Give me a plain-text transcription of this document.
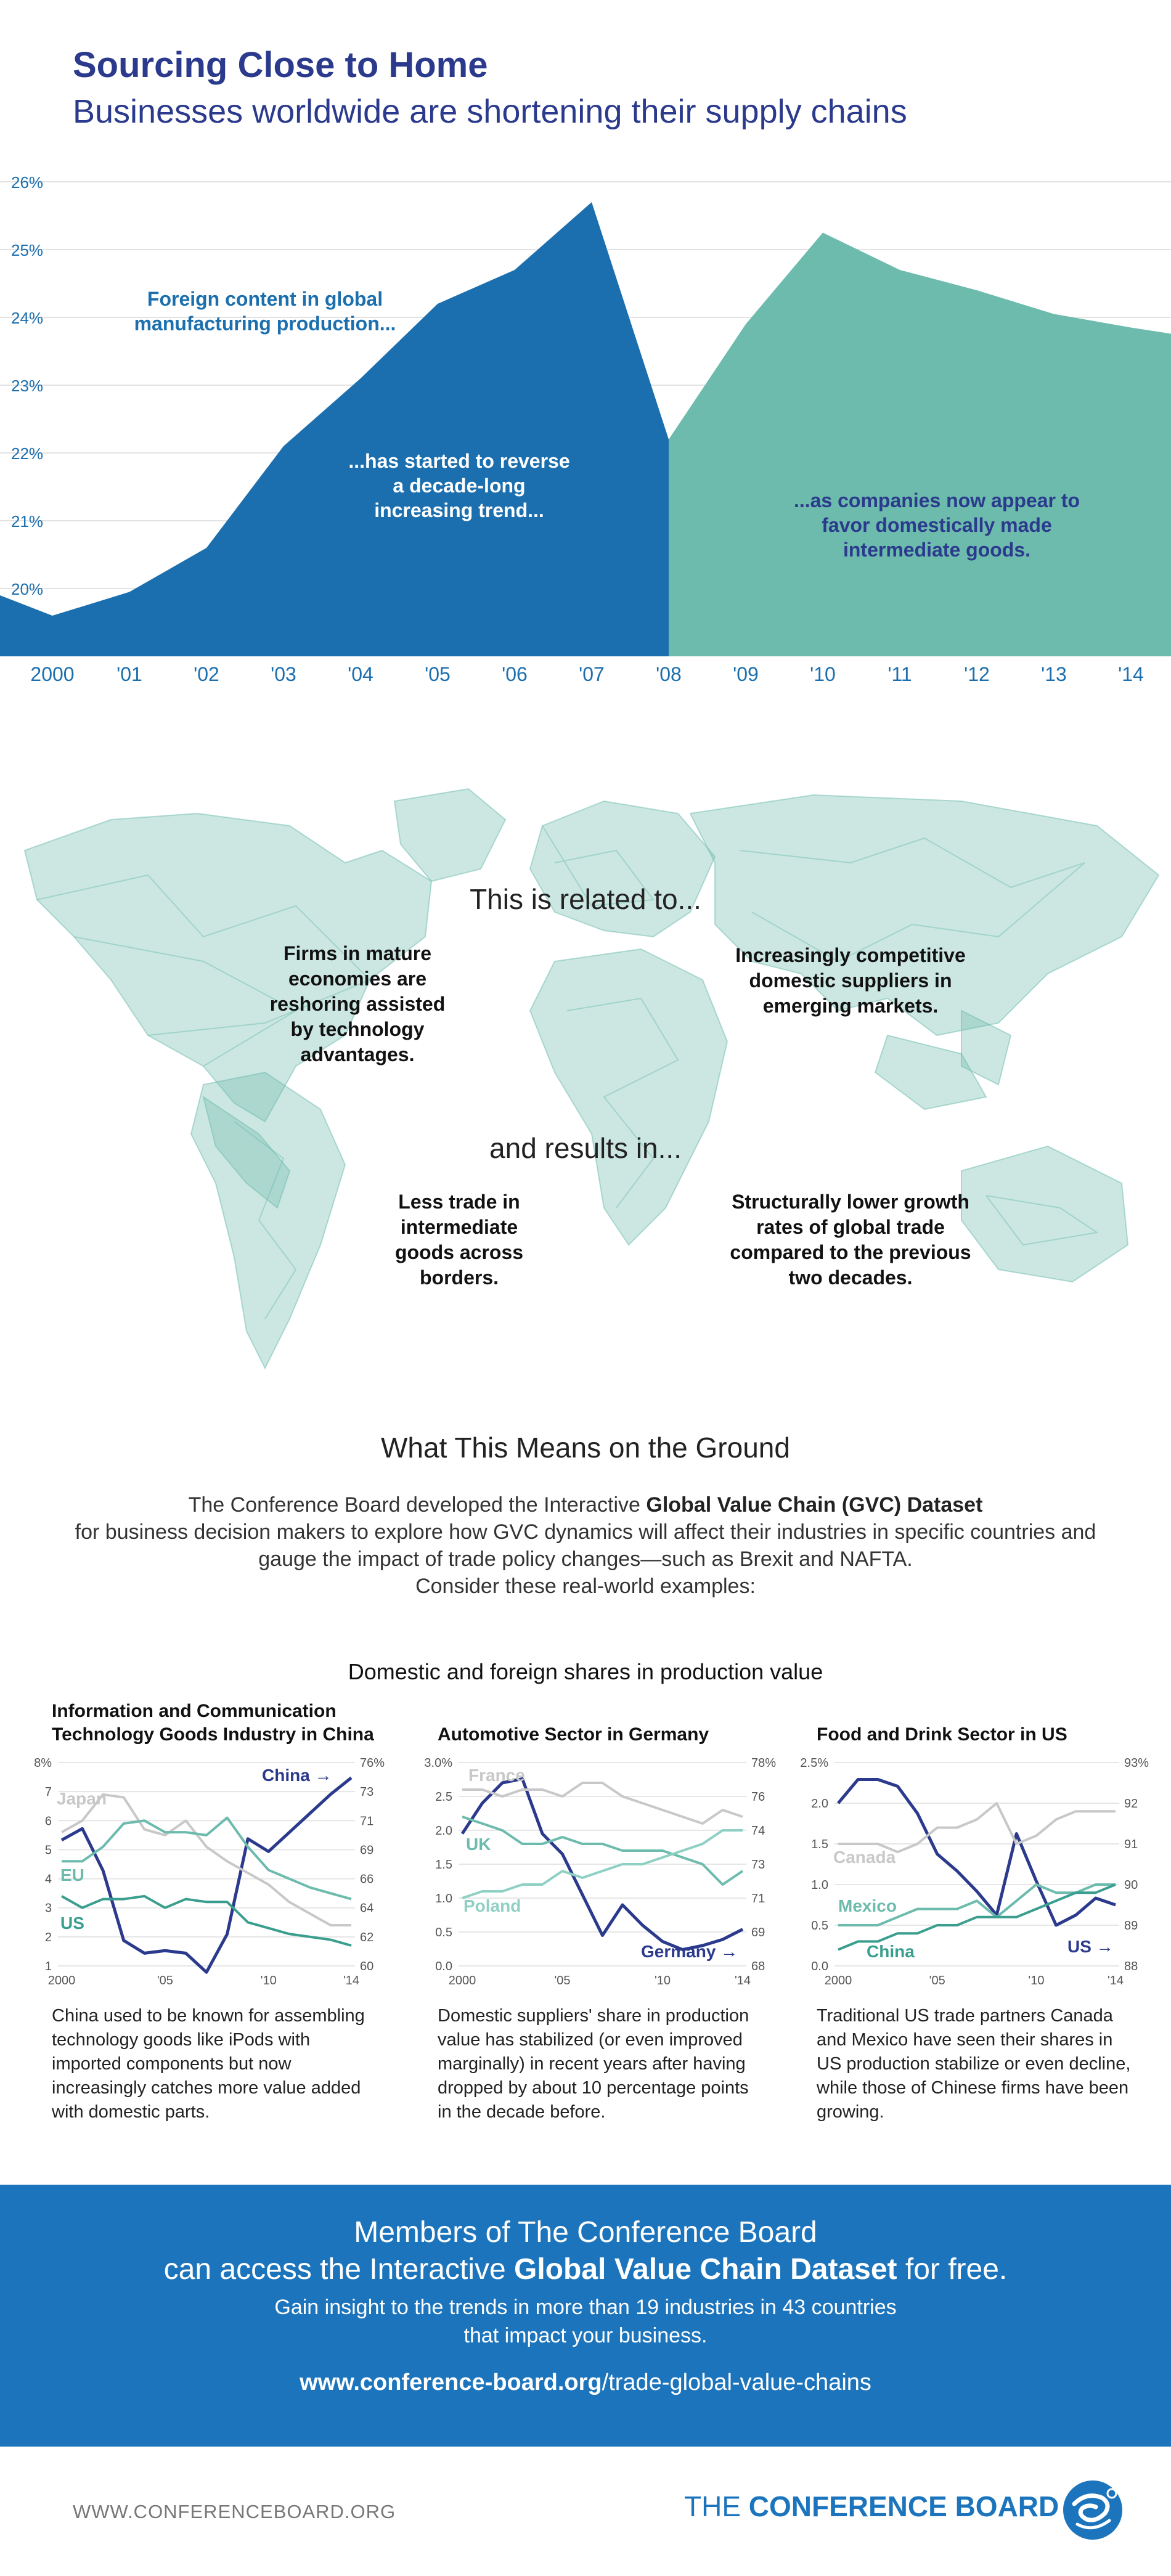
Sourcing Close to Home
Businesses worldwide are shortening their supply chains
26%
25%
24%
23%
22%
21%
20%
2000 '01	'02	'03	'04	'05	'06	'07	'08	'09	'10	'11	'12	'13	'14
Foreign content in global manufacturing production...
...has started to reverse a decade-long increasing trend...	...as companies now appear to favor domestically made intermediate goods.
This is related to...
Firms in mature economies are reshoring assisted by technology advantages.
Increasingly competitive domestic suppliers in emerging markets.
and results in...
Less trade in intermediate goods across borders.
Structurally lower growth rates of global trade compared to the previous two decades.
What This Means on the Ground
The Conference Board developed the Interactive Global Value Chain (GVC) Dataset
for business decision makers to explore how GVC dynamics will affect their industries in specific countries and gauge the impact of trade policy changes—such as Brexit and NAFTA.
Consider these real-world examples:
Domestic and foreign shares in production value
Information and Communication Technology Goods Industry in China	Automotive Sector in Germany	Food and Drink Sector in US
8%	76%
7	73
6	71
5	69
4	66
3	64
2	62
1	60
2000	'05	'10	'14
China →
Japan
EU
US
3.0%	78%
2.5	76
2.0	74
1.5	73
1.0	71
0.5	69
0.0	68
2000	'05	'10	'14
Germany →
France
UK
Poland
2.5%	93%
2.0	92
1.5	91
1.0	90
0.5	89
0.0	88
2000	'05	'10	'14
US →
Canada
Mexico
China
China used to be known for assembling technology goods like iPods with imported components but now increasingly catches more value added with domestic parts.
Domestic suppliers' share in production value has stabilized (or even improved marginally) in recent years after having dropped by about 10 percentage points in the decade before.
Traditional US trade partners Canada and Mexico have seen their shares in US production stabilize or even decline, while those of Chinese firms have been growing.
Members of The Conference Board
can access the Interactive Global Value Chain Dataset for free.
Gain insight to the trends in more than 19 industries in 43 countries
that impact your business.
www.conference-board.org/trade-global-value-chains
WWW.CONFERENCEBOARD.ORG	THE CONFERENCE BOARD
